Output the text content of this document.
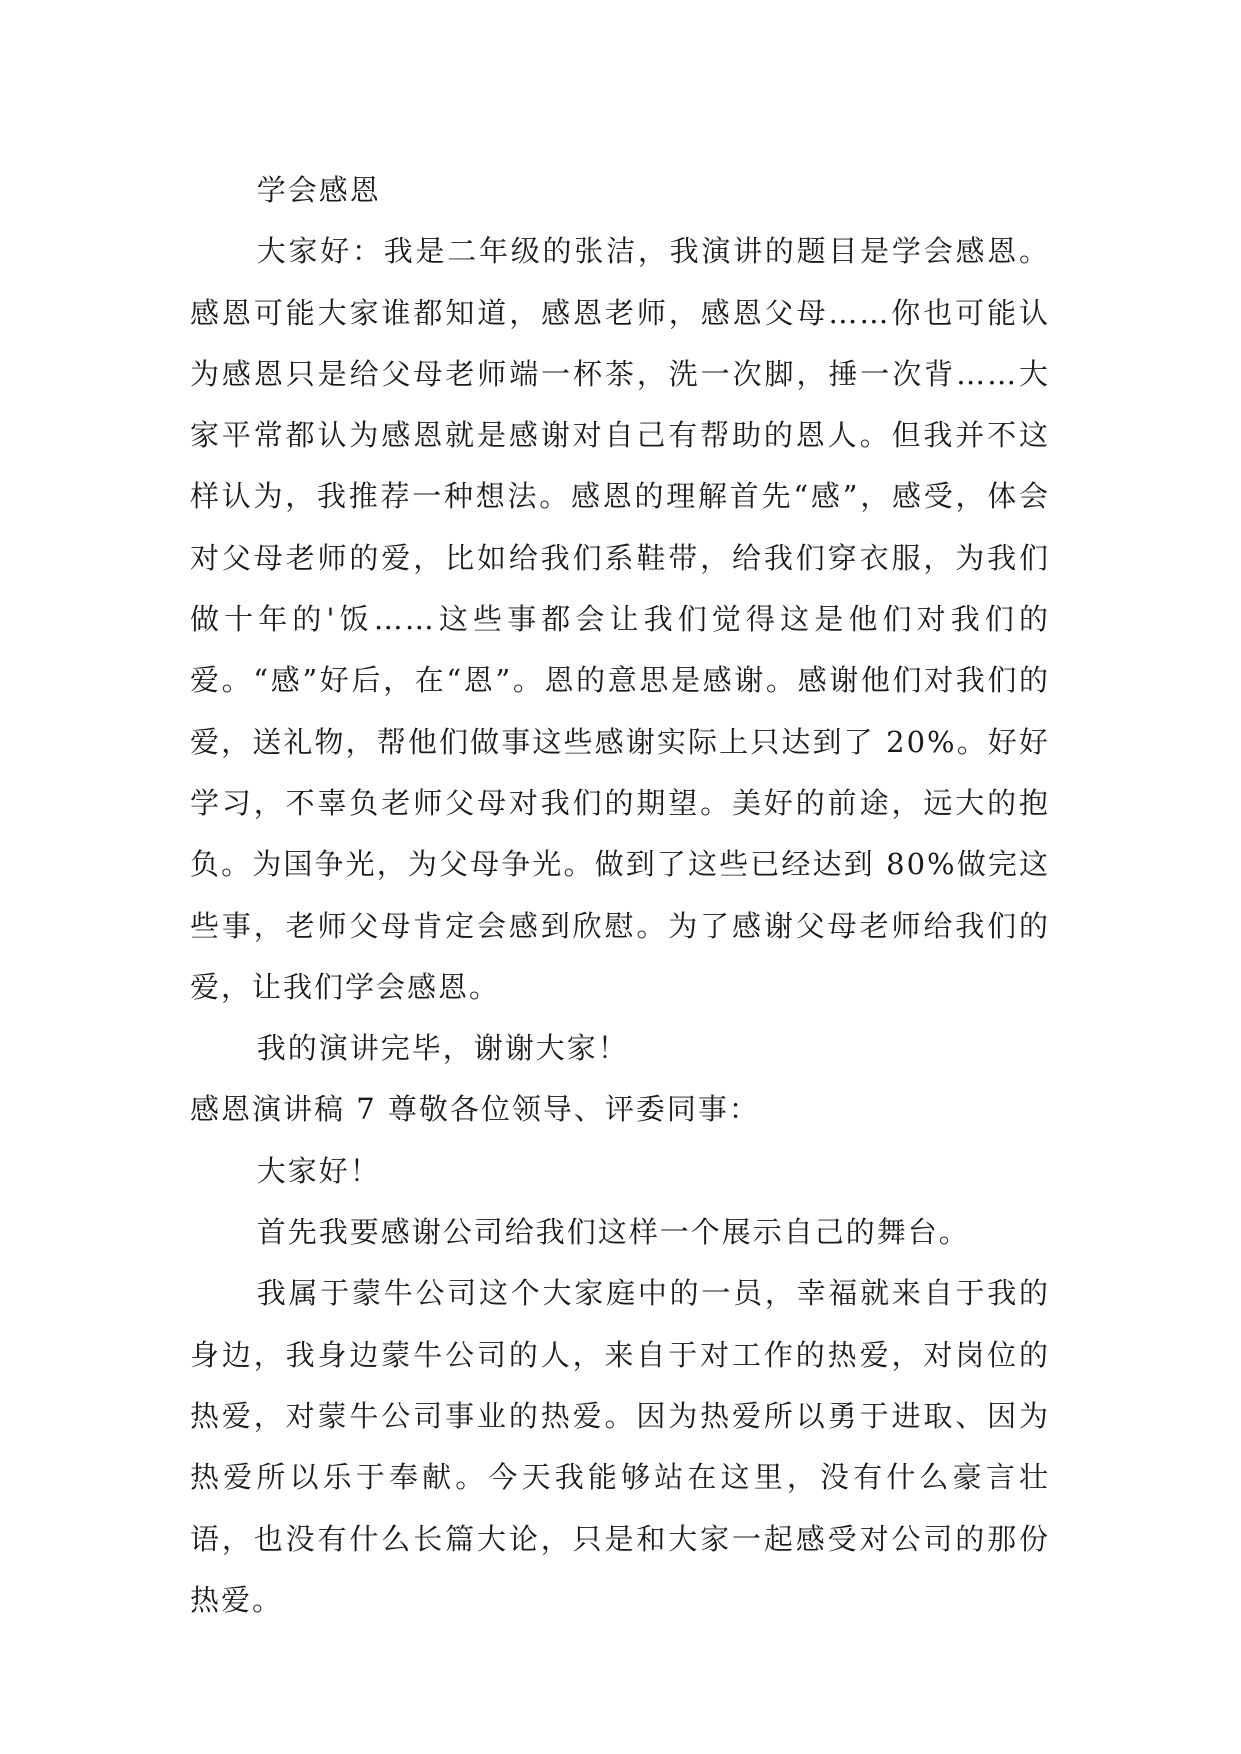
学会感恩

大家好：我是二年级的张洁，我演讲的题目是学会感恩。感恩可能大家谁都知道，感恩老师，感恩父母……你也可能认为感恩只是给父母老师端一杯茶，洗一次脚，捶一次背……大家平常都认为感恩就是感谢对自己有帮助的恩人。但我并不这样认为，我推荐一种想法。感恩的理解首先“感”，感受，体会对父母老师的爱，比如给我们系鞋带，给我们穿衣服，为我们做十年的'饭……这些事都会让我们觉得这是他们对我们的爱。“感”好后，在“恩”。恩的意思是感谢。感谢他们对我们的爱，送礼物，帮他们做事这些感谢实际上只达到了 20%。好好学习，不辜负老师父母对我们的期望。美好的前途，远大的抱负。为国争光，为父母争光。做到了这些已经达到 80%做完这些事，老师父母肯定会感到欣慰。为了感谢父母老师给我们的爱，让我们学会感恩。

我的演讲完毕，谢谢大家！

感恩演讲稿 7 尊敬各位领导、评委同事：

大家好！

首先我要感谢公司给我们这样一个展示自己的舞台。

我属于蒙牛公司这个大家庭中的一员，幸福就来自于我的身边，我身边蒙牛公司的人，来自于对工作的热爱，对岗位的热爱，对蒙牛公司事业的热爱。因为热爱所以勇于进取、因为热爱所以乐于奉献。今天我能够站在这里，没有什么豪言壮语，也没有什么长篇大论，只是和大家一起感受对公司的那份热爱。
